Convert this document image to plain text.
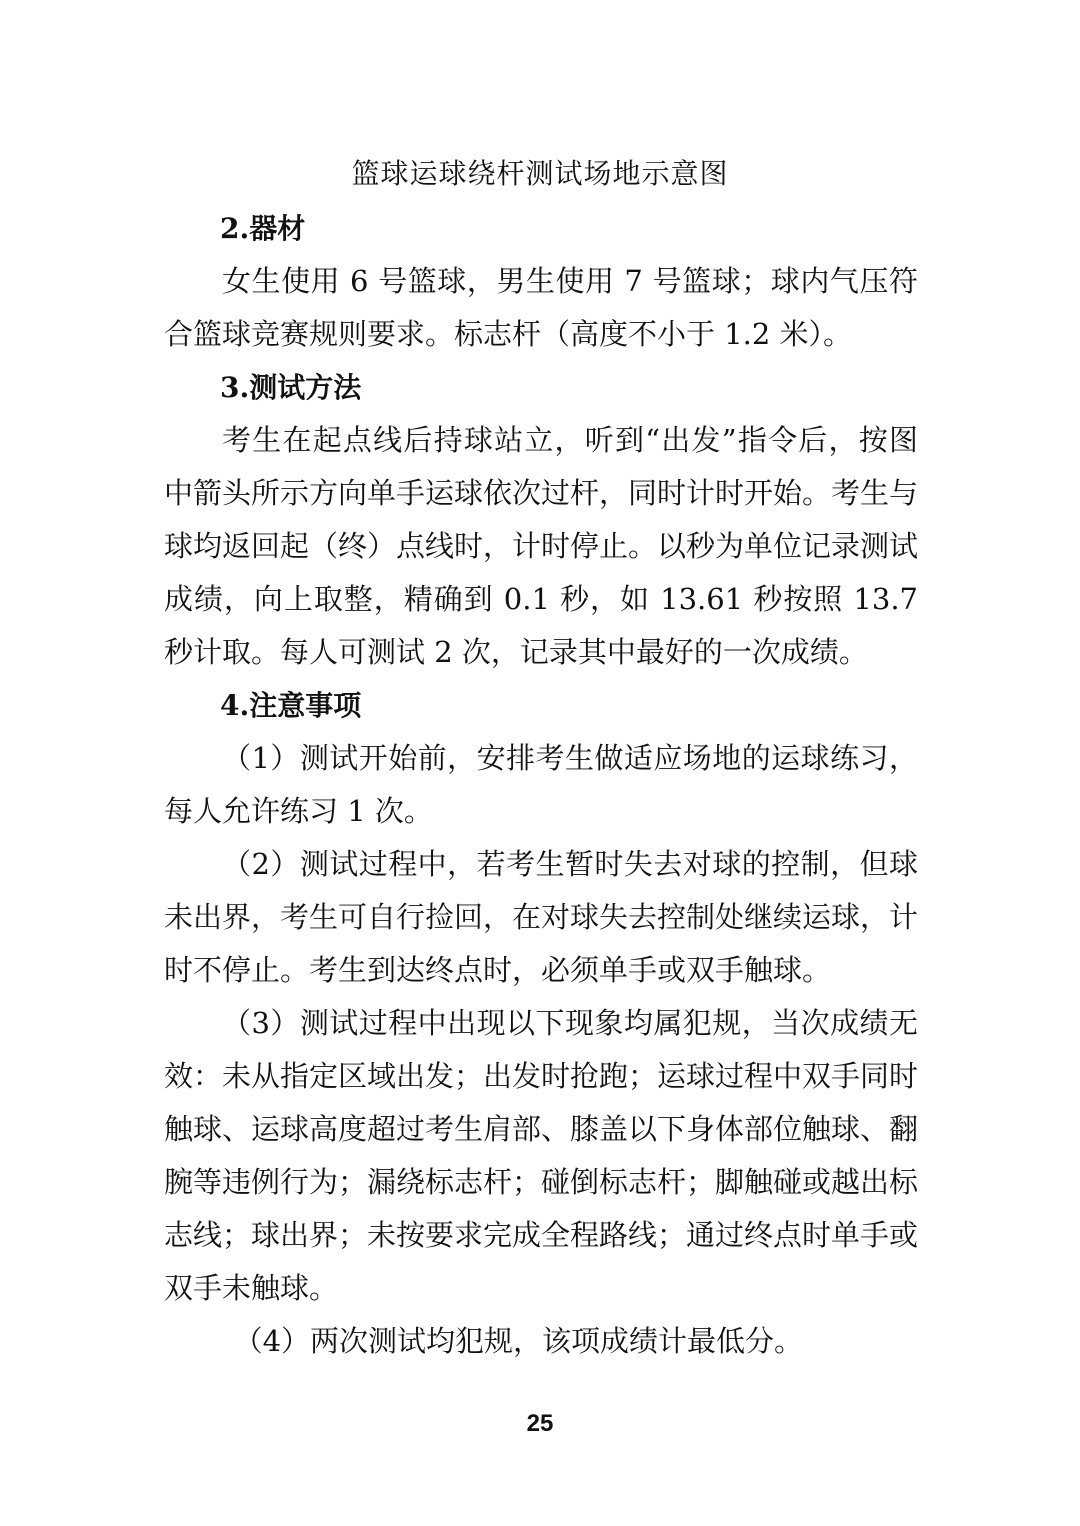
篮球运球绕杆测试场地示意图
2.器材

女生使用 6 号篮球，男生使用 7 号篮球；球内气压符合篮球竞赛规则要求。标志杆（高度不小于 1.2 米）。

3.测试方法

考生在起点线后持球站立，听到“出发”指令后，按图中箭头所示方向单手运球依次过杆，同时计时开始。考生与球均返回起（终）点线时，计时停止。以秒为单位记录测试成绩，向上取整，精确到 0.1 秒，如 13.61 秒按照 13.7 秒计取。每人可测试 2 次，记录其中最好的一次成绩。

4.注意事项

（1）测试开始前，安排考生做适应场地的运球练习，每人允许练习 1 次。

（2）测试过程中，若考生暂时失去对球的控制，但球未出界，考生可自行捡回，在对球失去控制处继续运球，计时不停止。考生到达终点时，必须单手或双手触球。

（3）测试过程中出现以下现象均属犯规，当次成绩无效：未从指定区域出发；出发时抢跑；运球过程中双手同时触球、运球高度超过考生肩部、膝盖以下身体部位触球、翻腕等违例行为；漏绕标志杆；碰倒标志杆；脚触碰或越出标志线；球出界；未按要求完成全程路线；通过终点时单手或双手未触球。

（4）两次测试均犯规，该项成绩计最低分。

25
